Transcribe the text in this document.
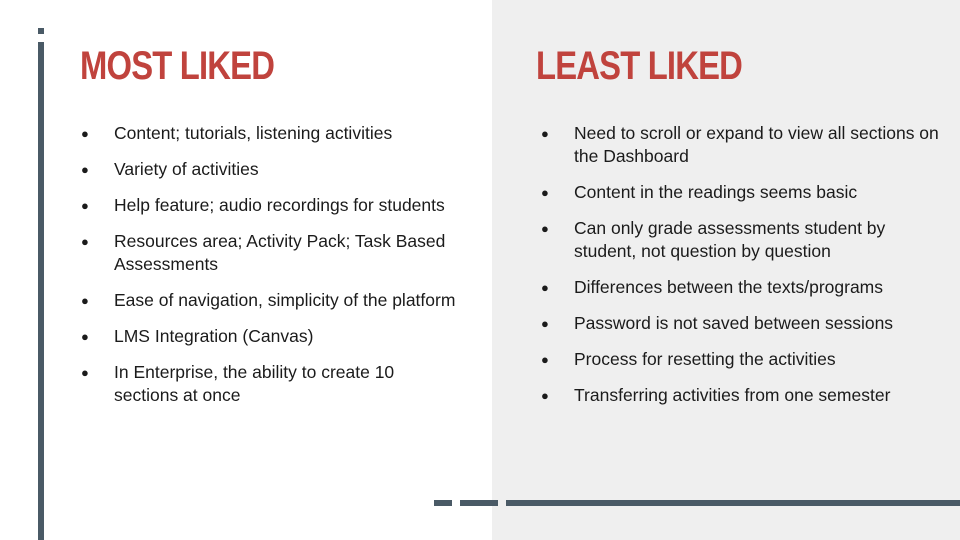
MOST LIKED
● Content; tutorials, listening activities
● Variety of activities
● Help feature; audio recordings for students
● Resources area; Activity Pack; Task Based Assessments
● Ease of navigation, simplicity of the platform
● LMS Integration (Canvas)
● In Enterprise, the ability to create 10 sections at once
LEAST LIKED
● Need to scroll or expand to view all sections on the Dashboard
● Content in the readings seems basic
● Can only grade assessments student by student, not question by question
● Differences between the texts/programs
● Password is not saved between sessions
● Process for resetting the activities
● Transferring activities from one semester
